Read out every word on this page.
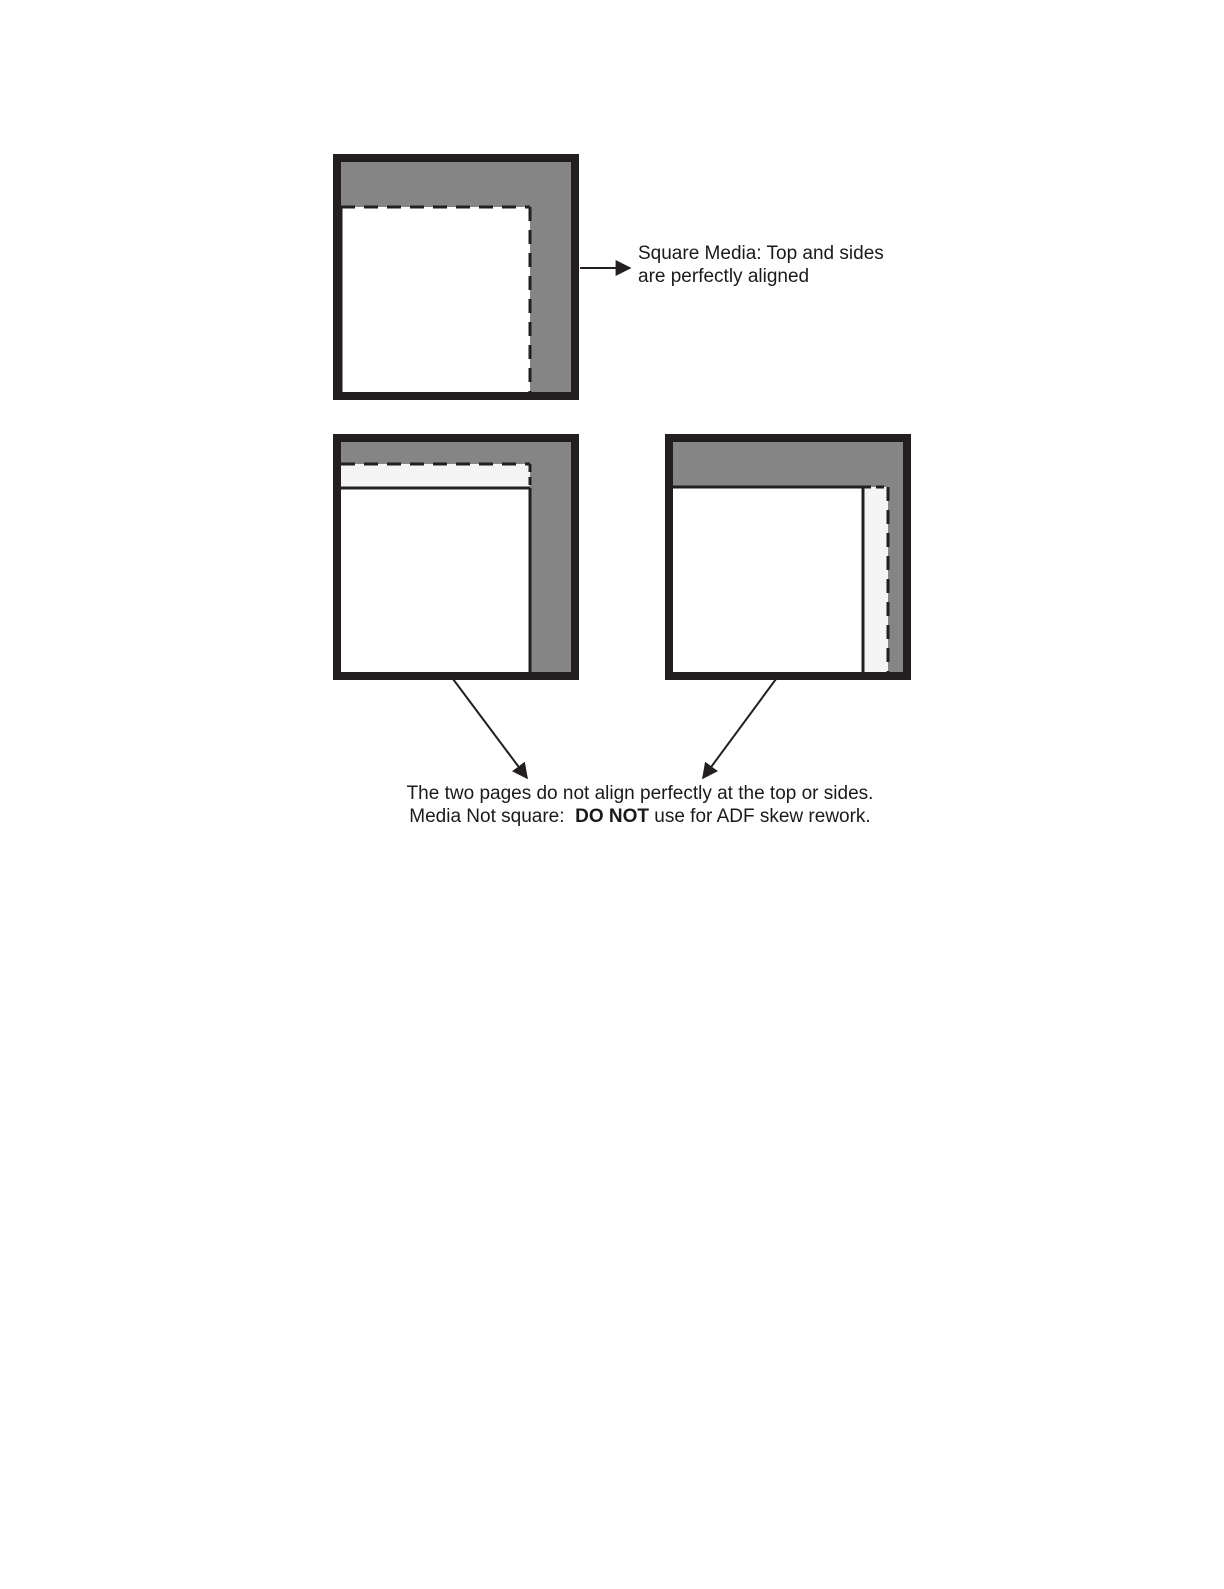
Square Media: Top and sides
are perfectly aligned
The two pages do not align perfectly at the top or sides.
Media Not square:  DO NOT use for ADF skew rework.
